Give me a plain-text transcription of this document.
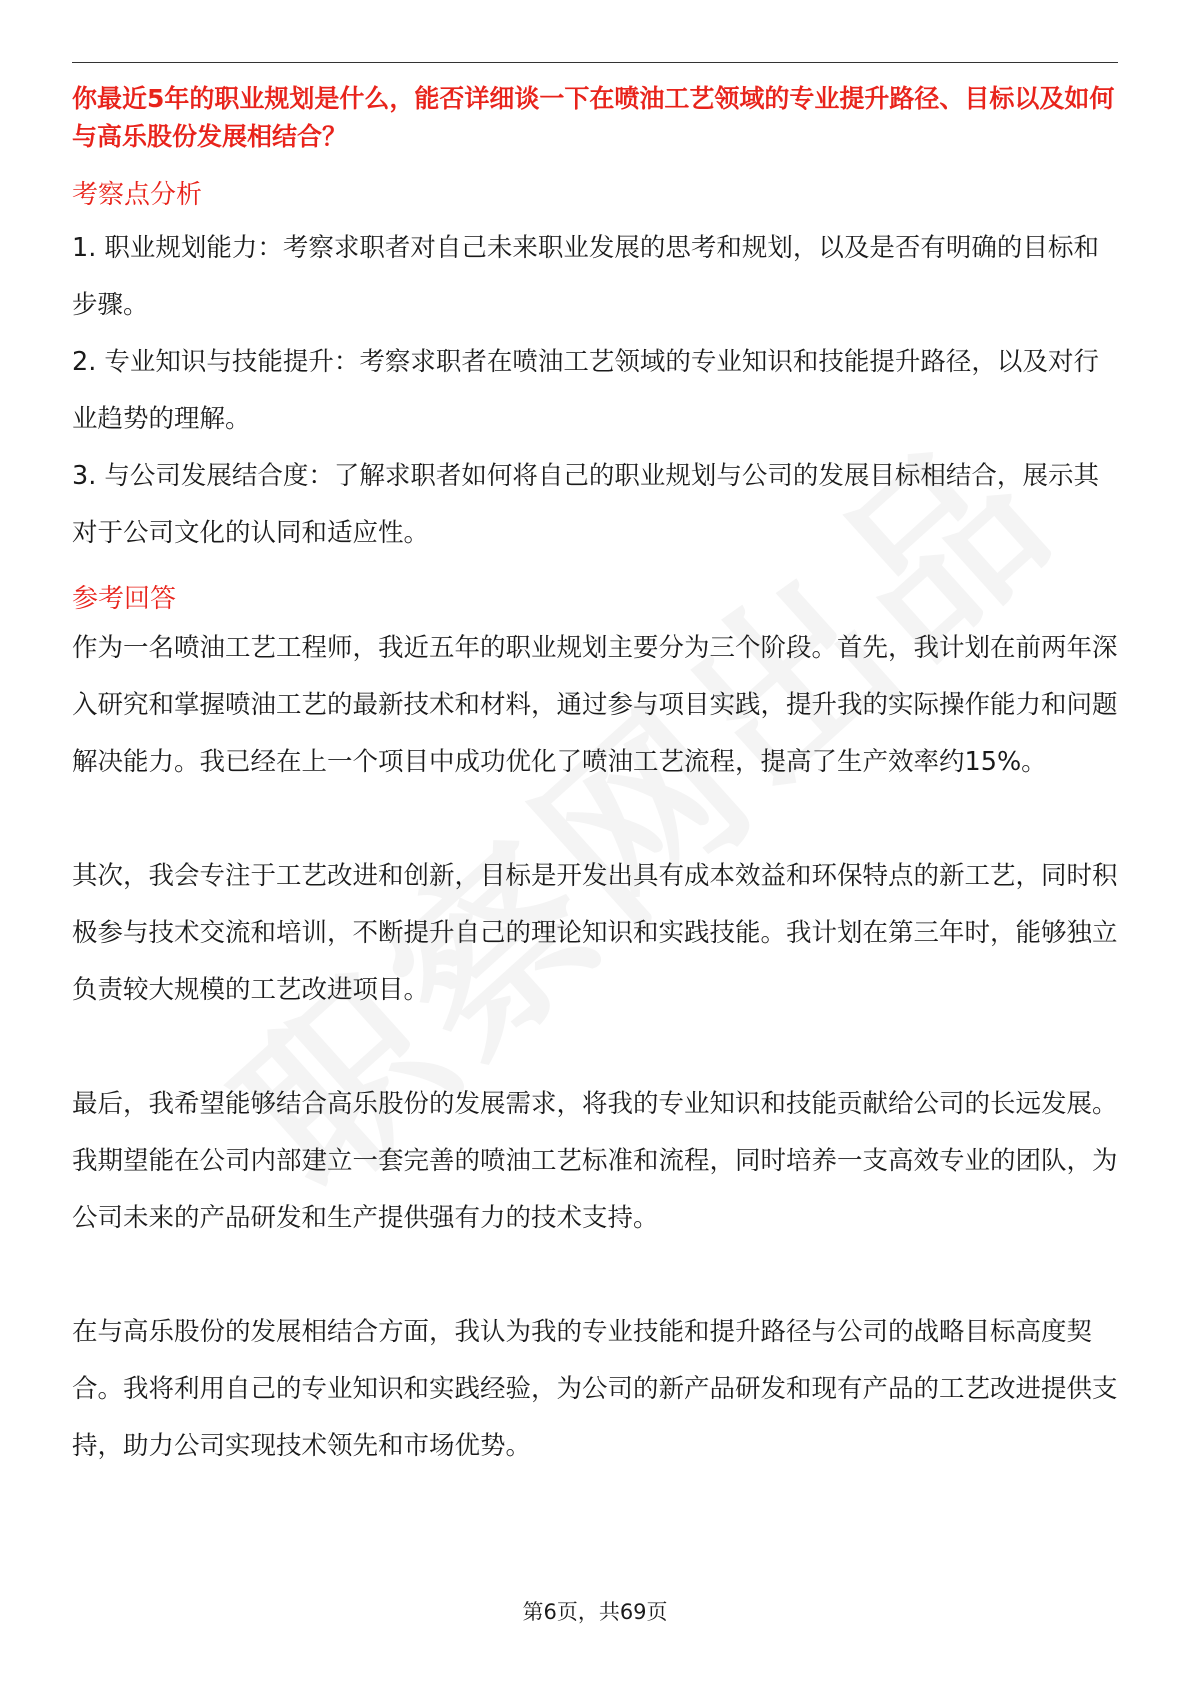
你最近5年的职业规划是什么，能否详细谈一下在喷油工艺领域的专业提升路径、目标以及如何与高乐股份发展相结合？

考察点分析

1. 职业规划能力：考察求职者对自己未来职业发展的思考和规划，以及是否有明确的目标和步骤。

2. 专业知识与技能提升：考察求职者在喷油工艺领域的专业知识和技能提升路径，以及对行业趋势的理解。

3. 与公司发展结合度：了解求职者如何将自己的职业规划与公司的发展目标相结合，展示其对于公司文化的认同和适应性。

参考回答

作为一名喷油工艺工程师，我近五年的职业规划主要分为三个阶段。首先，我计划在前两年深入研究和掌握喷油工艺的最新技术和材料，通过参与项目实践，提升我的实际操作能力和问题解决能力。我已经在上一个项目中成功优化了喷油工艺流程，提高了生产效率约15%。

其次，我会专注于工艺改进和创新，目标是开发出具有成本效益和环保特点的新工艺，同时积极参与技术交流和培训，不断提升自己的理论知识和实践技能。我计划在第三年时，能够独立负责较大规模的工艺改进项目。

最后，我希望能够结合高乐股份的发展需求，将我的专业知识和技能贡献给公司的长远发展。我期望能在公司内部建立一套完善的喷油工艺标准和流程，同时培养一支高效专业的团队，为公司未来的产品研发和生产提供强有力的技术支持。

在与高乐股份的发展相结合方面，我认为我的专业技能和提升路径与公司的战略目标高度契合。我将利用自己的专业知识和实践经验，为公司的新产品研发和现有产品的工艺改进提供支持，助力公司实现技术领先和市场优势。

第6页，共69页
